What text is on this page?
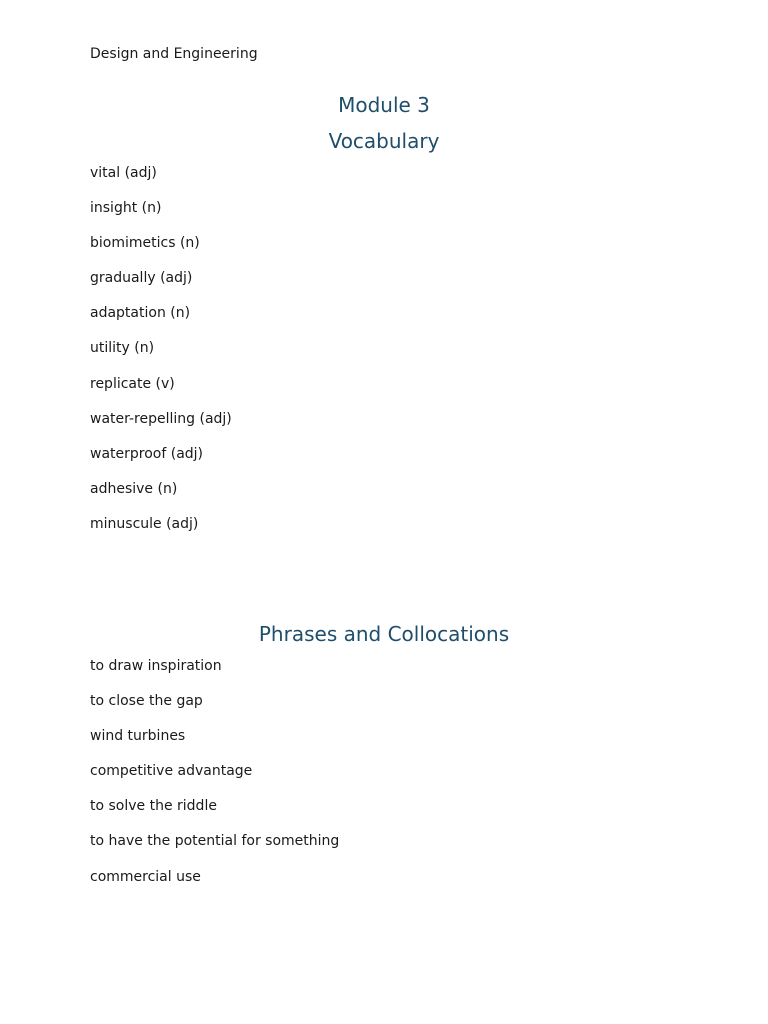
Design and Engineering
Module 3
Vocabulary
vital (adj)
insight (n)
biomimetics (n)
gradually (adj)
adaptation (n)
utility (n)
replicate (v)
water-repelling (adj)
waterproof (adj)
adhesive (n)
minuscule (adj)
Phrases and Collocations
to draw inspiration
to close the gap
wind turbines
competitive advantage
to solve the riddle
to have the potential for something
commercial use
